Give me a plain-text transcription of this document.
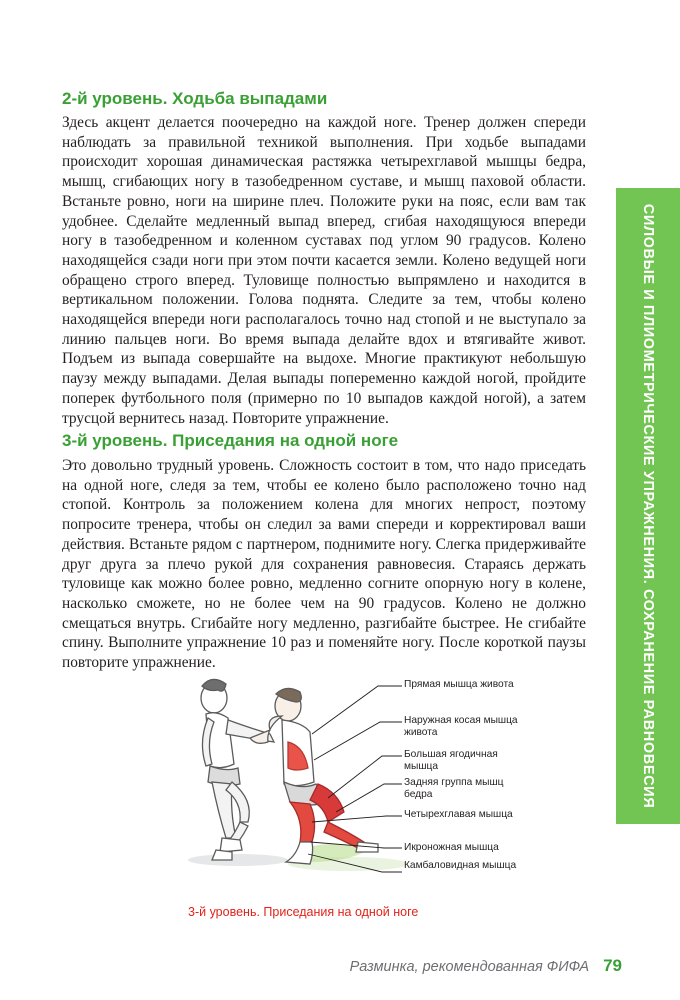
2-й уровень. Ходьба выпадами

Здесь акцент делается поочередно на каждой ноге. Тренер должен спереди наблюдать за правильной техникой выполнения. При ходьбе выпадами происходит хорошая динамическая растяжка четырехглавой мышцы бедра, мышц, сгибающих ногу в тазобедренном суставе, и мышц паховой области. Встаньте ровно, ноги на ширине плеч. Положите руки на пояс, если вам так удобнее. Сделайте медленный выпад вперед, сгибая находящуюся впереди ногу в тазобедренном и коленном суставах под углом 90 градусов. Колено находящейся сзади ноги при этом почти касается земли. Колено ведущей ноги обращено строго вперед. Туловище полностью выпрямлено и находится в вертикальном положении. Голова поднята. Следите за тем, чтобы колено находящейся впереди ноги располагалось точно над стопой и не выступало за линию пальцев ноги. Во время выпада делайте вдох и втягивайте живот. Подъем из выпада совершайте на выдохе. Многие практикуют небольшую паузу между выпадами. Делая выпады попеременно каждой ногой, пройдите поперек футбольного поля (примерно по 10 выпадов каждой ногой), а затем трусцой вернитесь назад. Повторите упражнение.

3-й уровень. Приседания на одной ноге

Это довольно трудный уровень. Сложность состоит в том, что надо приседать на одной ноге, следя за тем, чтобы ее колено было расположено точно над стопой. Контроль за положением колена для многих непрост, поэтому попросите тренера, чтобы он следил за вами спереди и корректировал ваши действия. Встаньте рядом с партнером, поднимите ногу. Слегка придерживайте друг друга за плечо рукой для сохранения равновесия. Стараясь держать туловище как можно более ровно, медленно согните опорную ногу в колене, насколько сможете, но не более чем на 90 градусов. Колено не должно смещаться внутрь. Сгибайте ногу медленно, разгибайте быстрее. Не сгибайте спину. Выполните упражнение 10 раз и поменяйте ногу. После короткой паузы повторите упражнение.	СИЛОВЫЕ И ПЛИОМЕТРИЧЕСКИЕ УПРАЖНЕНИЯ. СОХРАНЕНИЕ РАВНОВЕСИЯ
Прямая мышца живота
Наружная косая мышца живота
Большая ягодичная мышца
Задняя группа мышц бедра
Четырехглавая мышца
Икроножная мышца
Камбаловидная мышца
3-й уровень. Приседания на одной ноге
Разминка, рекомендованная ФИФА 79
